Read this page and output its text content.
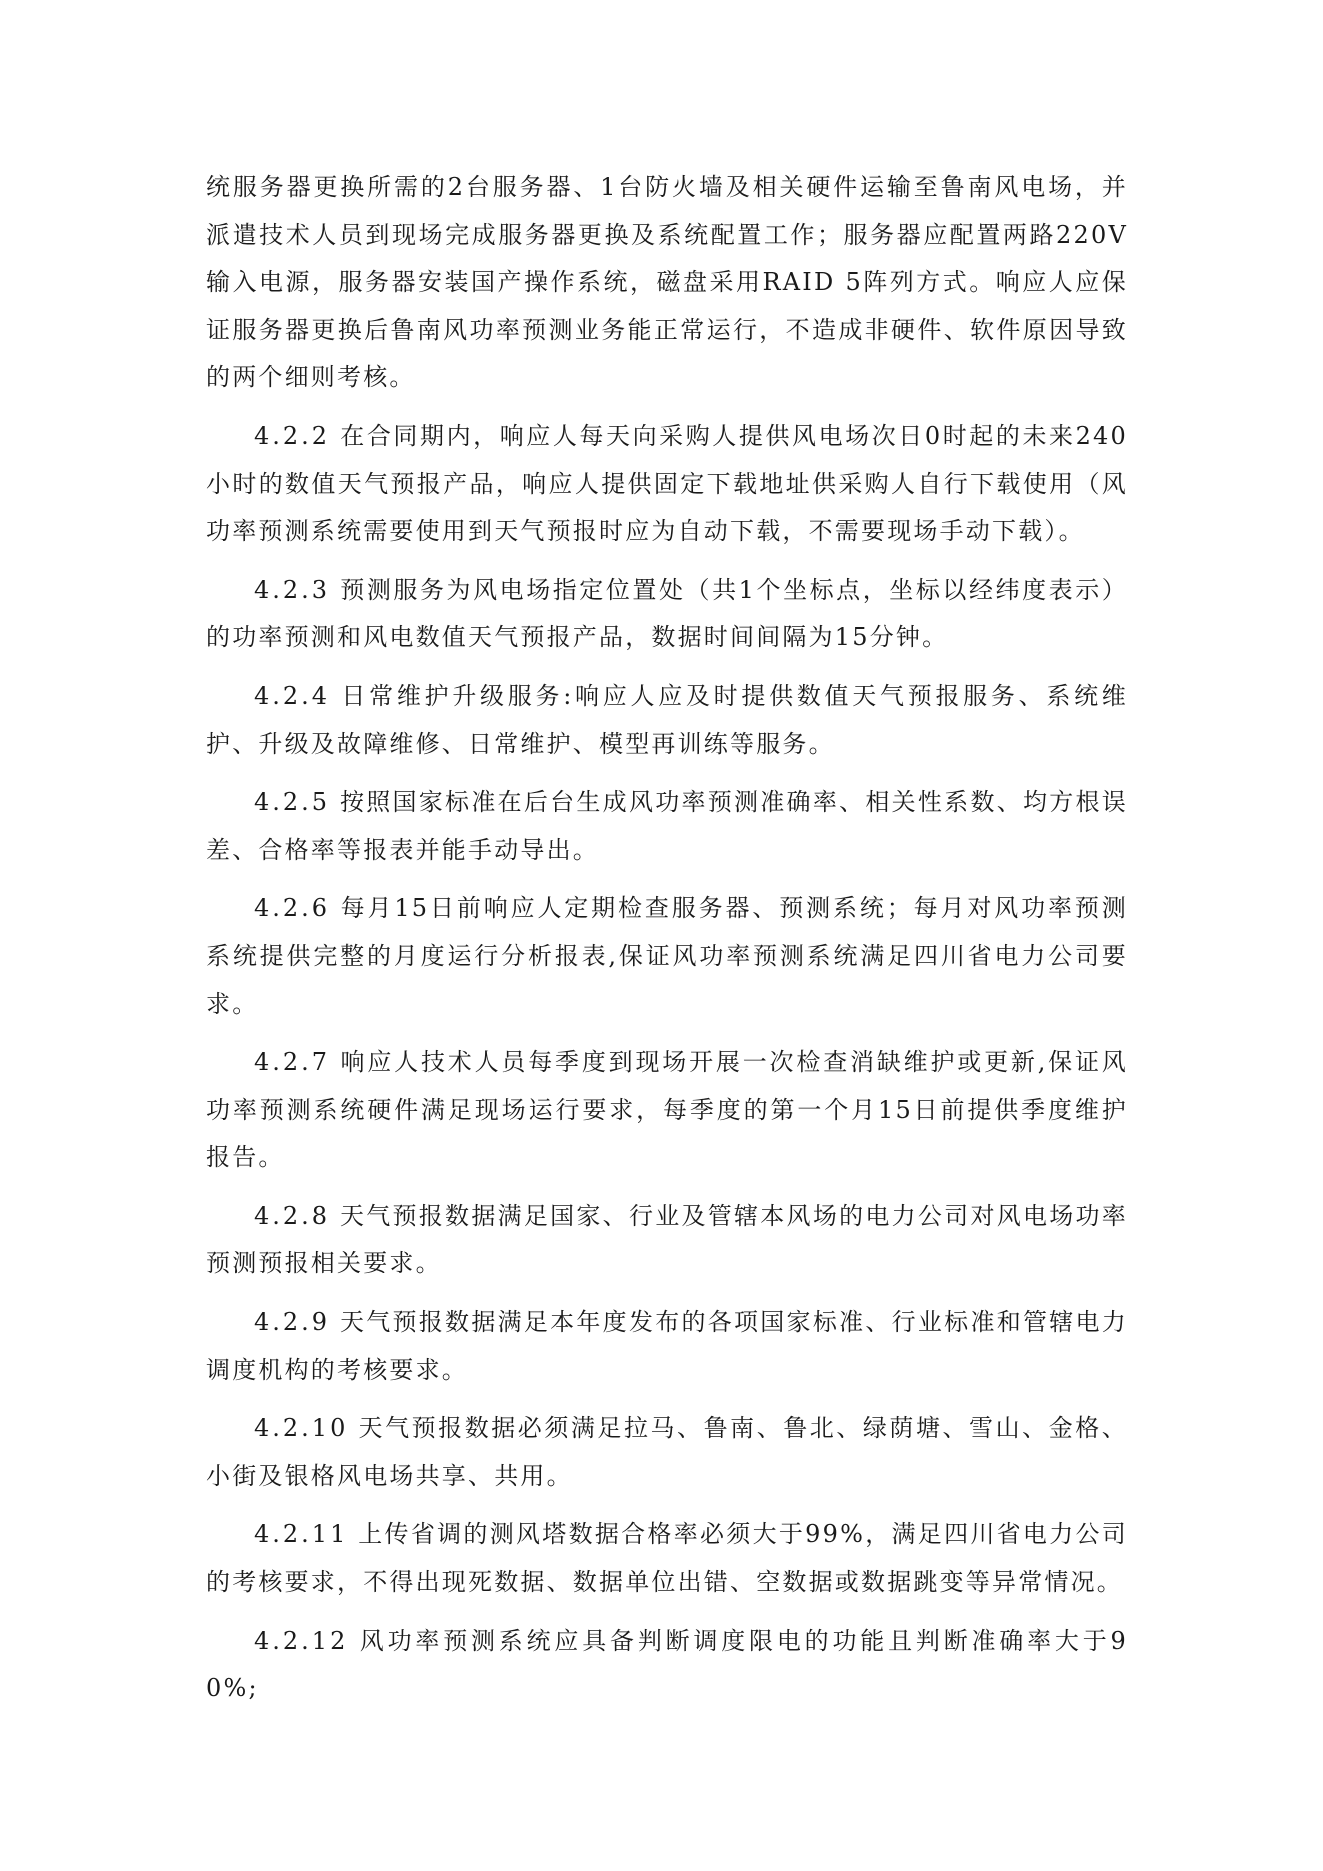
统服务器更换所需的2台服务器、1台防火墙及相关硬件运输至鲁南风电场，并派遣技术人员到现场完成服务器更换及系统配置工作；服务器应配置两路220V输入电源，服务器安装国产操作系统，磁盘采用RAID 5阵列方式。响应人应保证服务器更换后鲁南风功率预测业务能正常运行，不造成非硬件、软件原因导致的两个细则考核。

4.2.2 在合同期内，响应人每天向采购人提供风电场次日0时起的未来240小时的数值天气预报产品，响应人提供固定下载地址供采购人自行下载使用（风功率预测系统需要使用到天气预报时应为自动下载，不需要现场手动下载）。

4.2.3 预测服务为风电场指定位置处（共1个坐标点，坐标以经纬度表示）的功率预测和风电数值天气预报产品，数据时间间隔为15分钟。

4.2.4 日常维护升级服务:响应人应及时提供数值天气预报服务、系统维护、升级及故障维修、日常维护、模型再训练等服务。

4.2.5 按照国家标准在后台生成风功率预测准确率、相关性系数、均方根误差、合格率等报表并能手动导出。

4.2.6 每月15日前响应人定期检查服务器、预测系统；每月对风功率预测系统提供完整的月度运行分析报表,保证风功率预测系统满足四川省电力公司要求。

4.2.7 响应人技术人员每季度到现场开展一次检查消缺维护或更新,保证风功率预测系统硬件满足现场运行要求，每季度的第一个月15日前提供季度维护报告。

4.2.8 天气预报数据满足国家、行业及管辖本风场的电力公司对风电场功率预测预报相关要求。

4.2.9 天气预报数据满足本年度发布的各项国家标准、行业标准和管辖电力调度机构的考核要求。

4.2.10 天气预报数据必须满足拉马、鲁南、鲁北、绿荫塘、雪山、金格、小街及银格风电场共享、共用。

4.2.11 上传省调的测风塔数据合格率必须大于99%，满足四川省电力公司的考核要求，不得出现死数据、数据单位出错、空数据或数据跳变等异常情况。

4.2.12 风功率预测系统应具备判断调度限电的功能且判断准确率大于90%;
